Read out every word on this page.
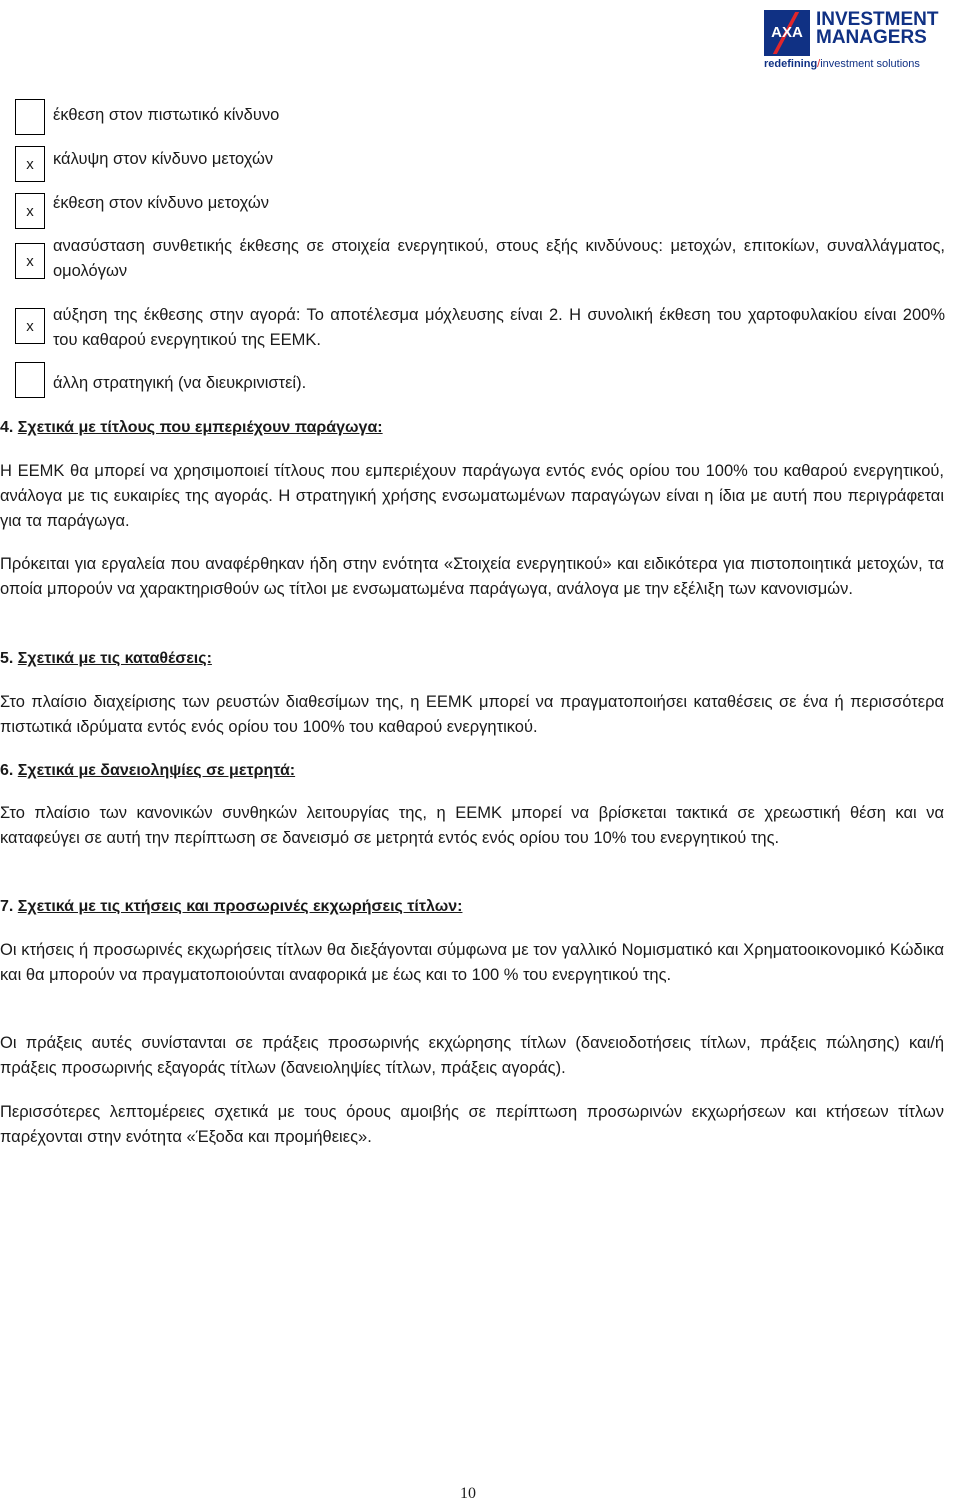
AXA
INVESTMENT
MANAGERS
redefining/investment solutions
έκθεση στον πιστωτικό κίνδυνο
x	κάλυψη στον κίνδυνο μετοχών
x	έκθεση στον κίνδυνο μετοχών
x
ανασύσταση συνθετικής έκθεσης σε στοιχεία ενεργητικού, στους εξής κινδύνους: μετοχών, επιτοκίων, συναλλάγματος, ομολόγων
x
αύξηση της έκθεσης στην αγορά: Το αποτέλεσμα μόχλευσης είναι 2. Η συνολική έκθεση του χαρτοφυλακίου είναι 200% του καθαρού ενεργητικού της ΕΕΜΚ.
άλλη στρατηγική (να διευκρινιστεί).
4. Σχετικά με τίτλους που εμπεριέχουν παράγωγα:
Η ΕΕΜΚ θα μπορεί να χρησιμοποιεί τίτλους που εμπεριέχουν παράγωγα εντός ενός ορίου του 100% του καθαρού ενεργητικού, ανάλογα με τις ευκαιρίες της αγοράς. Η στρατηγική χρήσης ενσωματωμένων παραγώγων είναι η ίδια με αυτή που περιγράφεται για τα παράγωγα.
Πρόκειται για εργαλεία που αναφέρθηκαν ήδη στην ενότητα «Στοιχεία ενεργητικού» και ειδικότερα για πιστοποιητικά μετοχών, τα οποία μπορούν να χαρακτηρισθούν ως τίτλοι με ενσωματωμένα παράγωγα, ανάλογα με την εξέλιξη των κανονισμών.
5. Σχετικά με τις καταθέσεις:
Στο πλαίσιο διαχείρισης των ρευστών διαθεσίμων της, η ΕΕΜΚ μπορεί να πραγματοποιήσει καταθέσεις σε ένα ή περισσότερα πιστωτικά ιδρύματα εντός ενός ορίου του 100% του καθαρού ενεργητικού.
6. Σχετικά με δανειοληψίες σε μετρητά:
Στο πλαίσιο των κανονικών συνθηκών λειτουργίας της, η ΕΕΜΚ μπορεί να βρίσκεται τακτικά σε χρεωστική θέση και να καταφεύγει σε αυτή την περίπτωση σε δανεισμό σε μετρητά εντός ενός ορίου του 10% του ενεργητικού της.
7. Σχετικά με τις κτήσεις και προσωρινές εκχωρήσεις τίτλων:
Οι κτήσεις ή προσωρινές εκχωρήσεις τίτλων θα διεξάγονται σύμφωνα με τον γαλλικό Νομισματικό και Χρηματοοικονομικό Κώδικα και θα μπορούν να πραγματοποιούνται αναφορικά με έως και το 100 % του ενεργητικού της.
Οι πράξεις αυτές συνίστανται σε πράξεις προσωρινής εκχώρησης τίτλων (δανειοδοτήσεις τίτλων, πράξεις πώλησης) και/ή πράξεις προσωρινής εξαγοράς τίτλων (δανειοληψίες τίτλων, πράξεις αγοράς).
Περισσότερες λεπτομέρειες σχετικά με τους όρους αμοιβής σε περίπτωση προσωρινών εκχωρήσεων και κτήσεων τίτλων παρέχονται στην ενότητα «Έξοδα και προμήθειες».
10
